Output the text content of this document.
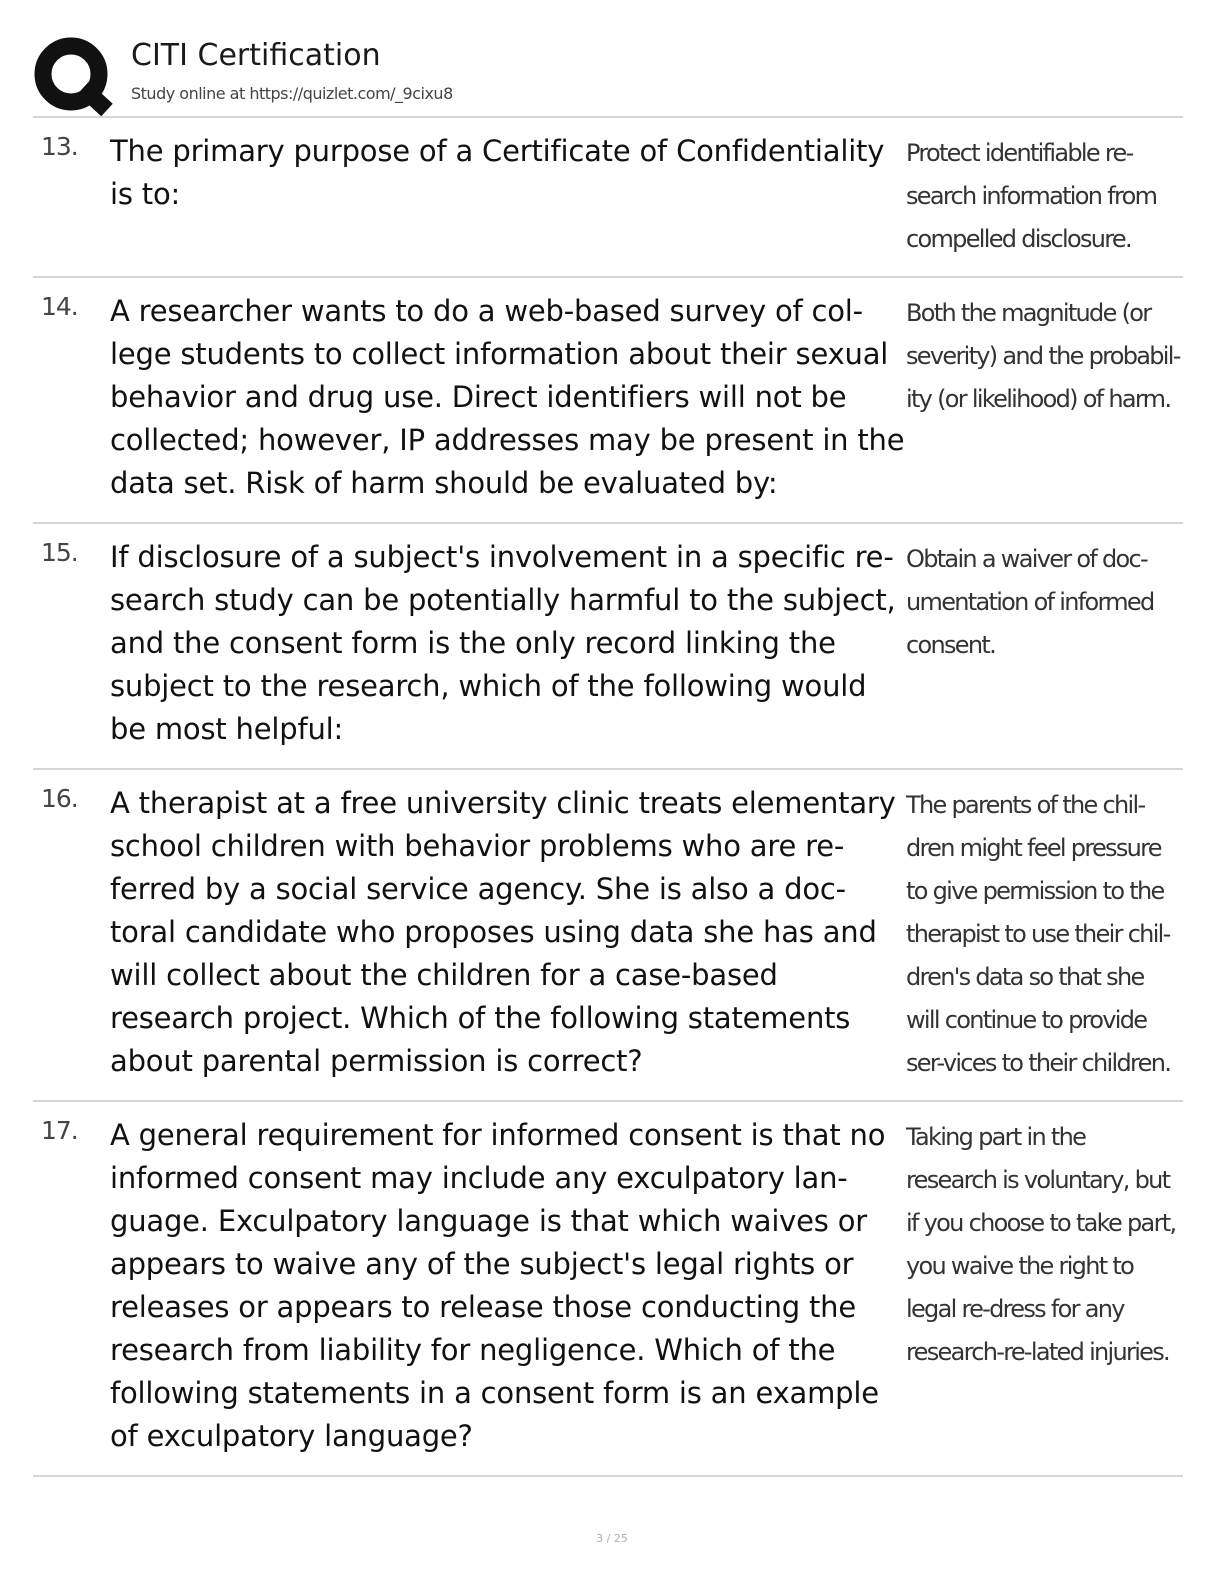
CITI Certification
Study online at https://quizlet.com/_9cixu8
13. The primary purpose of a Certificate of Confidentiality is to:
Protect identifiable re-search information from compelled disclosure.
14. A researcher wants to do a web-based survey of col-lege students to collect information about their sexual behavior and drug use. Direct identifiers will not be collected; however, IP addresses may be present in the data set. Risk of harm should be evaluated by:
Both the magnitude (or severity) and the probabil-ity (or likelihood) of harm.
15. If disclosure of a subject's involvement in a specific re-search study can be potentially harmful to the subject, and the consent form is the only record linking the subject to the research, which of the following would be most helpful:
Obtain a waiver of doc-umentation of informed consent.
16. A therapist at a free university clinic treats elementary school children with behavior problems who are re-ferred by a social service agency. She is also a doc-toral candidate who proposes using data she has and will collect about the children for a case-based research project. Which of the following statements about parental permission is correct?
The parents of the chil-dren might feel pressure to give permission to the therapist to use their chil-dren's data so that she will continue to provide ser-vices to their children.
17. A general requirement for informed consent is that no informed consent may include any exculpatory lan-guage. Exculpatory language is that which waives or appears to waive any of the subject's legal rights or releases or appears to release those conducting the research from liability for negligence. Which of the following statements in a consent form is an example of exculpatory language?
Taking part in the research is voluntary, but if you choose to take part, you waive the right to legal re-dress for any research-re-lated injuries.
3 / 25
